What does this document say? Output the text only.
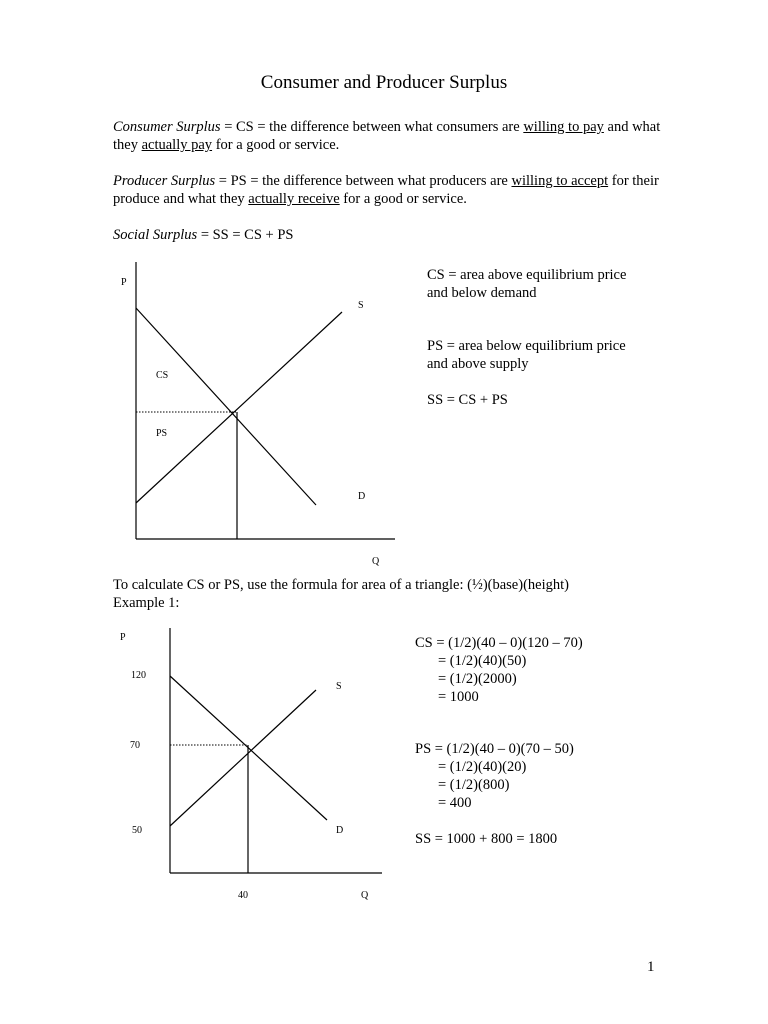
Consumer and Producer Surplus
Consumer Surplus = CS = the difference between what consumers are willing to pay and what they actually pay for a good or service.
Producer Surplus = PS = the difference between what producers are willing to accept for their produce and what they actually receive for a good or service.
Social Surplus = SS = CS + PS
P
S
CS
PS
D
Q
CS = area above equilibrium price
and below demand
PS = area below equilibrium price
and above supply
SS = CS + PS
To calculate CS or PS, use the formula for area of a triangle: (½)(base)(height)
Example 1:
P
120
70
50
S
D
40	Q
CS = (1/2)(40 – 0)(120 – 70)
= (1/2)(40)(50)
= (1/2)(2000)
= 1000
PS = (1/2)(40 – 0)(70 – 50)
= (1/2)(40)(20)
= (1/2)(800)
= 400
SS = 1000 + 800 = 1800
1
